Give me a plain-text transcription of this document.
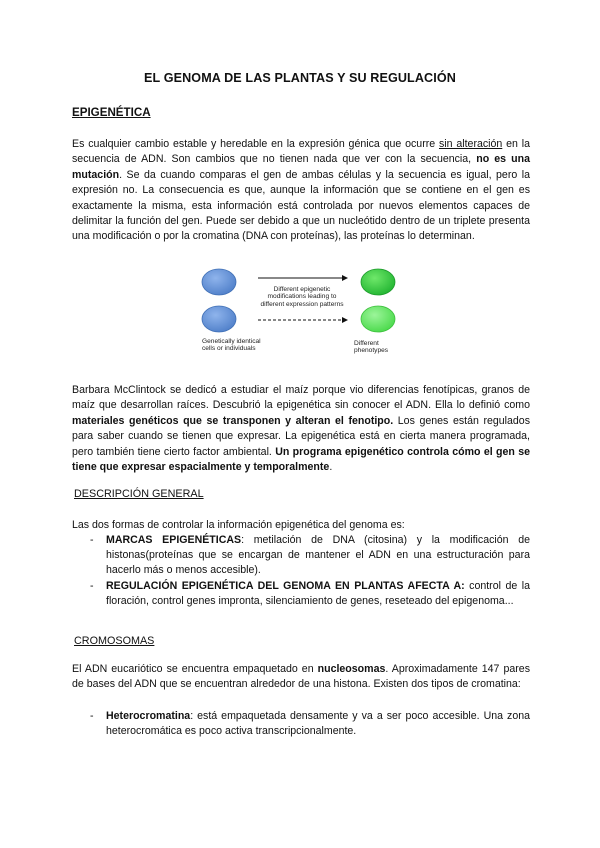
EL GENOMA DE LAS PLANTAS Y SU REGULACIÓN
EPIGENÉTICA
Es cualquier cambio estable y heredable en la expresión génica que ocurre sin alteración en la secuencia de ADN. Son cambios que no tienen nada que ver con la secuencia, no es una mutación. Se da cuando comparas el gen de ambas células y la secuencia es igual, pero la expresión no. La consecuencia es que, aunque la información que se contiene en el gen es exactamente la misma, esta información está controlada por nuevos elementos capaces de delimitar la función del gen. Puede ser debido a que un nucleótido dentro de un triplete presenta una modificación o por la cromatina (DNA con proteínas), las proteínas lo determinan.
Different epigenetic modifications leading to different expression patterns
Genetically identical cells or individuals
Different phenotypes
Barbara McClintock se dedicó a estudiar el maíz porque vio diferencias fenotípicas, granos de maíz que desarrollan raíces. Descubrió la epigenética sin conocer el ADN. Ella lo definió como materiales genéticos que se transponen y alteran el fenotipo. Los genes están regulados para saber cuando se tienen que expresar. La epigenética está en cierta manera programada, pero también tiene cierto factor ambiental. Un programa epigenético controla cómo el gen se tiene que expresar espacialmente y temporalmente.
DESCRIPCIÓN GENERAL
Las dos formas de controlar la información epigenética del genoma es:
- MARCAS EPIGENÉTICAS: metilación de DNA (citosina) y la modificación de histonas(proteínas que se encargan de mantener el ADN en una estructuración para hacerlo más o menos accesible).
- REGULACIÓN EPIGENÉTICA DEL GENOMA EN PLANTAS AFECTA A: control de la floración, control genes impronta, silenciamiento de genes, reseteado del epigenoma...
CROMOSOMAS
El ADN eucariótico se encuentra empaquetado en nucleosomas. Aproximadamente 147 pares de bases del ADN que se encuentran alrededor de una histona. Existen dos tipos de cromatina:
- Heterocromatina: está empaquetada densamente y va a ser poco accesible. Una zona heterocromática es poco activa transcripcionalmente.
